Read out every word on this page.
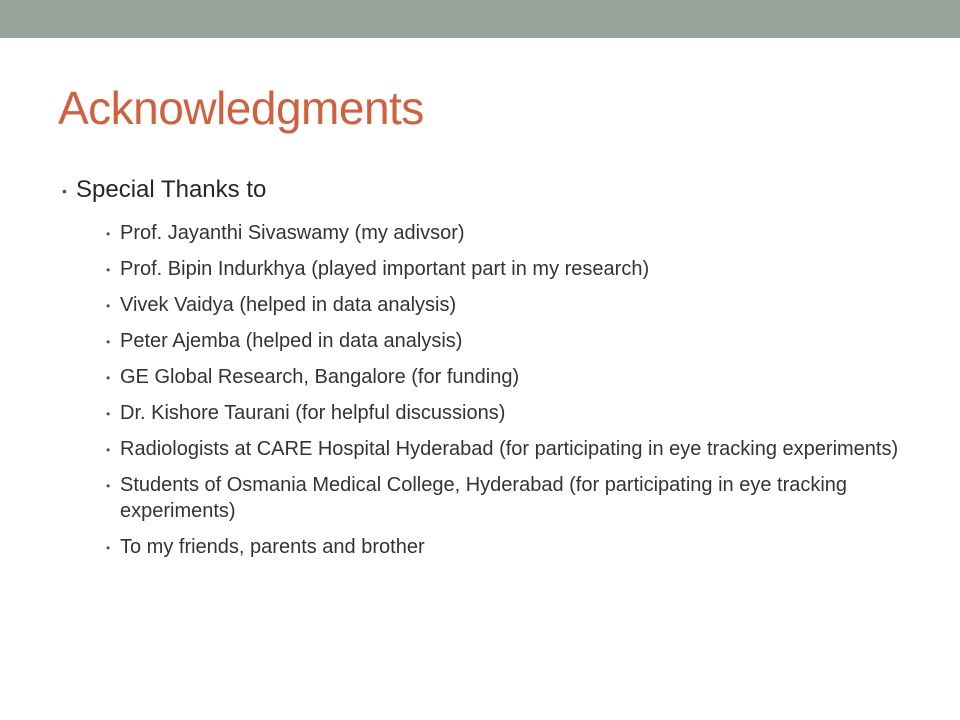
Acknowledgments
• Special Thanks to
• Prof. Jayanthi Sivaswamy (my adivsor)
• Prof. Bipin Indurkhya (played important part in my research)
• Vivek Vaidya (helped in data analysis)
• Peter Ajemba (helped in data analysis)
• GE Global Research, Bangalore (for funding)
• Dr. Kishore Taurani (for helpful discussions)
• Radiologists at CARE Hospital Hyderabad (for participating in eye tracking experiments)
• Students of Osmania Medical College, Hyderabad (for participating in eye tracking experiments)
• To my friends, parents and brother
